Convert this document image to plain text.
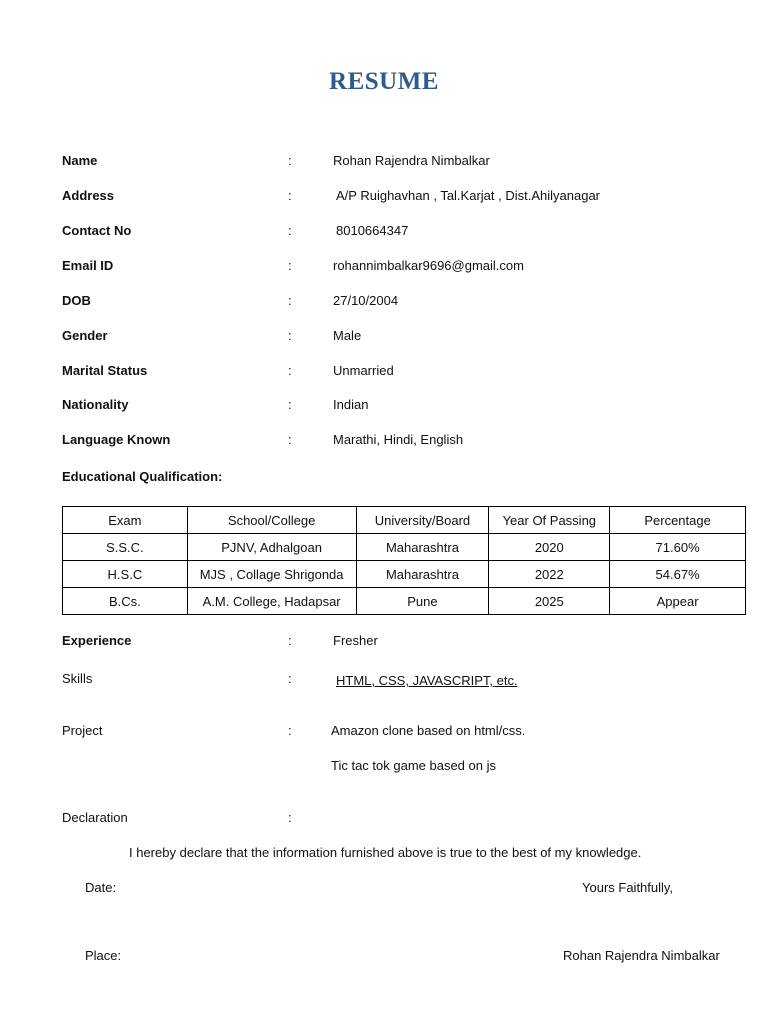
RESUME
Name	:	Rohan Rajendra Nimbalkar
Address	:	A/P Ruighavhan , Tal.Karjat , Dist.Ahilyanagar
Contact No	:	8010664347
Email ID	:	rohannimbalkar9696@gmail.com
DOB	:	27/10/2004
Gender	:	Male
Marital Status	:	Unmarried
Nationality	:	Indian
Language Known	:	Marathi, Hindi, English
Educational Qualification:
Exam	School/College	University/Board	Year Of Passing	Percentage
S.S.C.	PJNV, Adhalgoan	Maharashtra	2020	71.60%
H.S.C	MJS , Collage Shrigonda	Maharashtra	2022	54.67%
B.Cs.	A.M. College, Hadapsar	Pune	2025	Appear
Experience	:	Fresher
Skills	:	HTML, CSS, JAVASCRIPT, etc.
Project	:	Amazon clone based on html/css.
Tic tac tok game based on js
Declaration	:
I hereby declare that the information furnished above is true to the best of my knowledge.
Date:	Yours Faithfully,
Place:	Rohan Rajendra Nimbalkar
